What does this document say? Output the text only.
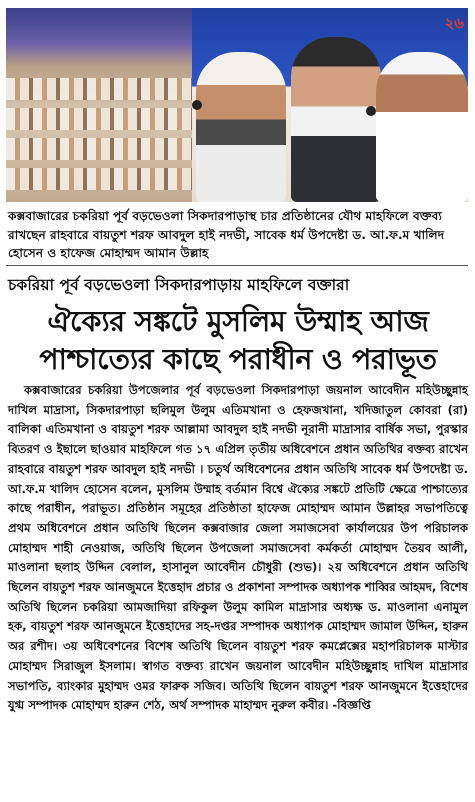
২৬
কক্সবাজারের চকরিয়া পূর্ব বড়ভেওলা সিকদারপাড়াস্থ চার প্রতিষ্ঠানের যৌথ মাহফিলে বক্তব্য রাখছেন রাহবারে বায়তুশ শরফ আবদুল হাই নদভী, সাবেক ধর্ম উপদেষ্টা ড. আ.ফ.ম খালিদ হোসেন ও হাফেজ মোহাম্মদ আমান উল্লাহ
চকরিয়া পূর্ব বড়ভেওলা সিকদারপাড়ায় মাহফিলে বক্তারা
ঐক্যের সঙ্কটে মুসলিম উম্মাহ আজ পাশ্চাত্যের কাছে পরাধীন ও পরাভূত
কক্সবাজারের চকরিয়া উপজেলার পূর্ব বড়ভেওলা সিকদারপাড়া জয়নাল আবেদীন মহিউচ্ছুন্নাহ দাখিল মাদ্রাসা, সিকদারপাড়া ছলিমুল উলুম এতিমখানা ও হেফজখানা, খদিজাতুল কোবরা (রা) বালিকা এতিমখানা ও বায়তুশ শরফ আল্লামা আবদুল হাই নদভী নূরানী মাদ্রাসার বার্ষিক সভা, পুরস্কার বিতরণ ও ইছালে ছাওয়াব মাহফিলে গত ১৭ এপ্রিল তৃতীয় অধিবেশনে প্রধান অতিথির বক্তব্য রাখেন রাহবারে বায়তুশ শরফ আবদুল হাই নদভী । চতুর্থ অধিবেশনের প্রধান অতিথি সাবেক ধর্ম উপদেষ্টা ড. আ.ফ.ম খালিদ হোসেন বলেন, মুসলিম উম্মাহ বর্তমান বিশ্বে ঐক্যের সঙ্কটে প্রতিটি ক্ষেত্রে পাশ্চাত্যের কাছে পরাধীন, পরাভূত। প্রতিষ্ঠান সমূহের প্রতিষ্ঠাতা হাফেজ মোহাম্মদ আমান উল্লাহর সভাপতিত্বে প্রথম অধিবেশনে প্রধান অতিথি ছিলেন কক্সবাজার জেলা সমাজসেবা কার্যালয়ের উপ পরিচালক মোহাম্মদ শাহী নেওয়াজ, অতিথি ছিলেন উপজেলা সমাজসেবা কর্মকর্তা মোহাম্মদ তৈয়ব আলী, মাওলানা ছলাহ উদ্দিন বেলাল, হাসানুল আবেদীন চৌধুরী (শুভ)। ২য় অধিবেশনে প্রধান অতিথি ছিলেন বায়তুশ শরফ আনজুমনে ইত্তেহাদ প্রচার ও প্রকাশনা সম্পাদক অধ্যাপক শাব্বির আহমদ, বিশেষ অতিথি ছিলেন চকরিয়া আমজাদিয়া রফিকুল উলুম কামিল মাদ্রাসার অধ্যক্ষ ড. মাওলানা এনামুল হক, বায়তুশ শরফ আনজুমনে ইত্তেহাদের সহ-দপ্তর সম্পাদক অধ্যাপক মোহাম্মদ জামাল উদ্দিন, হারুন অর রশীদ। ৩য় অধিবেশনের বিশেষ অতিথি ছিলেন বায়তুশ শরফ কমপ্লেক্সের মহাপরিচালক মাস্টার মোহাম্মদ সিরাজুল ইসলাম। স্বাগত বক্তব্য রাখেন জয়নাল আবেদীন মহিউচ্ছুন্নাহ দাখিল মাদ্রাসার সভাপতি, ব্যাংকার মুহাম্মদ ওমর ফারুক সজিব। অতিথি ছিলেন বায়তুশ শরফ আনজুমনে ইত্তেহাদের যুগ্ম সম্পাদক মোহাম্মদ হারুন শেঠ, অর্থ সম্পাদক মাহাম্মদ নুরুল কবীর। -বিজ্ঞপ্তি
